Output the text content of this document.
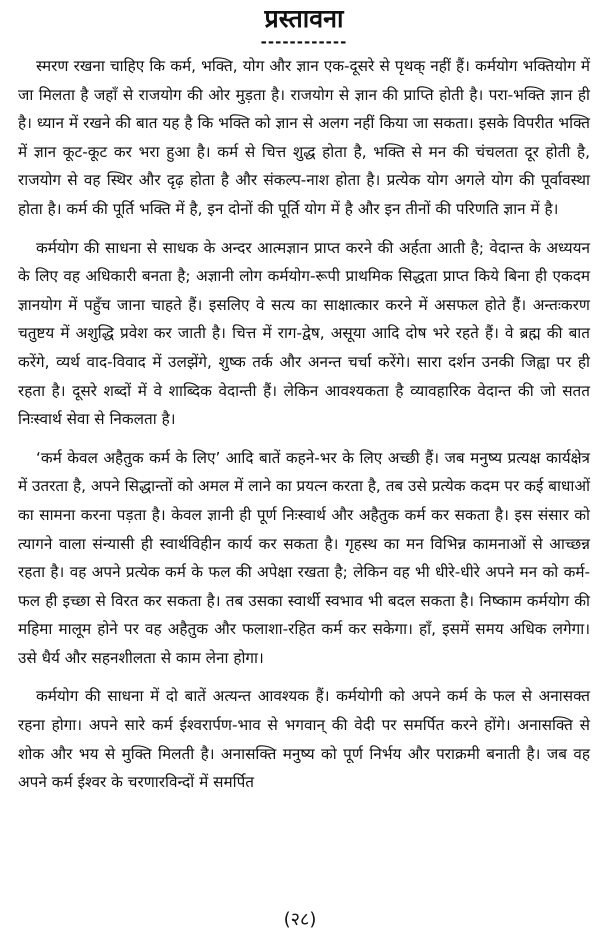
प्रस्तावना
------------

स्मरण रखना चाहिए कि कर्म, भक्ति, योग और ज्ञान एक-दूसरे से पृथक् नहीं हैं। कर्मयोग भक्तियोग में जा मिलता है जहाँ से राजयोग की ओर मुड़ता है। राजयोग से ज्ञान की प्राप्ति होती है। परा-भक्ति ज्ञान ही है। ध्यान में रखने की बात यह है कि भक्ति को ज्ञान से अलग नहीं किया जा सकता। इसके विपरीत भक्ति में ज्ञान कूट-कूट कर भरा हुआ है। कर्म से चित्त शुद्ध होता है, भक्ति से मन की चंचलता दूर होती है, राजयोग से वह स्थिर और दृढ़ होता है और संकल्प-नाश होता है। प्रत्येक योग अगले योग की पूर्वावस्था होता है। कर्म की पूर्ति भक्ति में है, इन दोनों की पूर्ति योग में है और इन तीनों की परिणति ज्ञान में है।

कर्मयोग की साधना से साधक के अन्दर आत्मज्ञान प्राप्त करने की अर्हता आती है; वेदान्त के अध्ययन के लिए वह अधिकारी बनता है; अज्ञानी लोग कर्मयोग-रूपी प्राथमिक सिद्धता प्राप्त किये बिना ही एकदम ज्ञानयोग में पहुँच जाना चाहते हैं। इसलिए वे सत्य का साक्षात्कार करने में असफल होते हैं। अन्तःकरण चतुष्टय में अशुद्धि प्रवेश कर जाती है। चित्त में राग-द्वेष, असूया आदि दोष भरे रहते हैं। वे ब्रह्म की बात करेंगे, व्यर्थ वाद-विवाद में उलझेंगे, शुष्क तर्क और अनन्त चर्चा करेंगे। सारा दर्शन उनकी जिह्वा पर ही रहता है। दूसरे शब्दों में वे शाब्दिक वेदान्ती हैं। लेकिन आवश्यकता है व्यावहारिक वेदान्त की जो सतत निःस्वार्थ सेवा से निकलता है।

‘कर्म केवल अहैतुक कर्म के लिए’ आदि बातें कहने-भर के लिए अच्छी हैं। जब मनुष्य प्रत्यक्ष कार्यक्षेत्र में उतरता है, अपने सिद्धान्तों को अमल में लाने का प्रयत्न करता है, तब उसे प्रत्येक कदम पर कई बाधाओं का सामना करना पड़ता है। केवल ज्ञानी ही पूर्ण निःस्वार्थ और अहैतुक कर्म कर सकता है। इस संसार को त्यागने वाला संन्यासी ही स्वार्थविहीन कार्य कर सकता है। गृहस्थ का मन विभिन्न कामनाओं से आच्छन्न रहता है। वह अपने प्रत्येक कर्म के फल की अपेक्षा रखता है; लेकिन वह भी धीरे-धीरे अपने मन को कर्म-फल ही इच्छा से विरत कर सकता है। तब उसका स्वार्थी स्वभाव भी बदल सकता है। निष्काम कर्मयोग की महिमा मालूम होने पर वह अहैतुक और फलाशा-रहित कर्म कर सकेगा। हाँ, इसमें समय अधिक लगेगा। उसे धैर्य और सहनशीलता से काम लेना होगा।

कर्मयोग की साधना में दो बातें अत्यन्त आवश्यक हैं। कर्मयोगी को अपने कर्म के फल से अनासक्त रहना होगा। अपने सारे कर्म ईश्वरार्पण-भाव से भगवान् की वेदी पर समर्पित करने होंगे। अनासक्ति से शोक और भय से मुक्ति मिलती है। अनासक्ति मनुष्य को पूर्ण निर्भय और पराक्रमी बनाती है। जब वह अपने कर्म ईश्वर के चरणारविन्दों में समर्पित

(२८)
